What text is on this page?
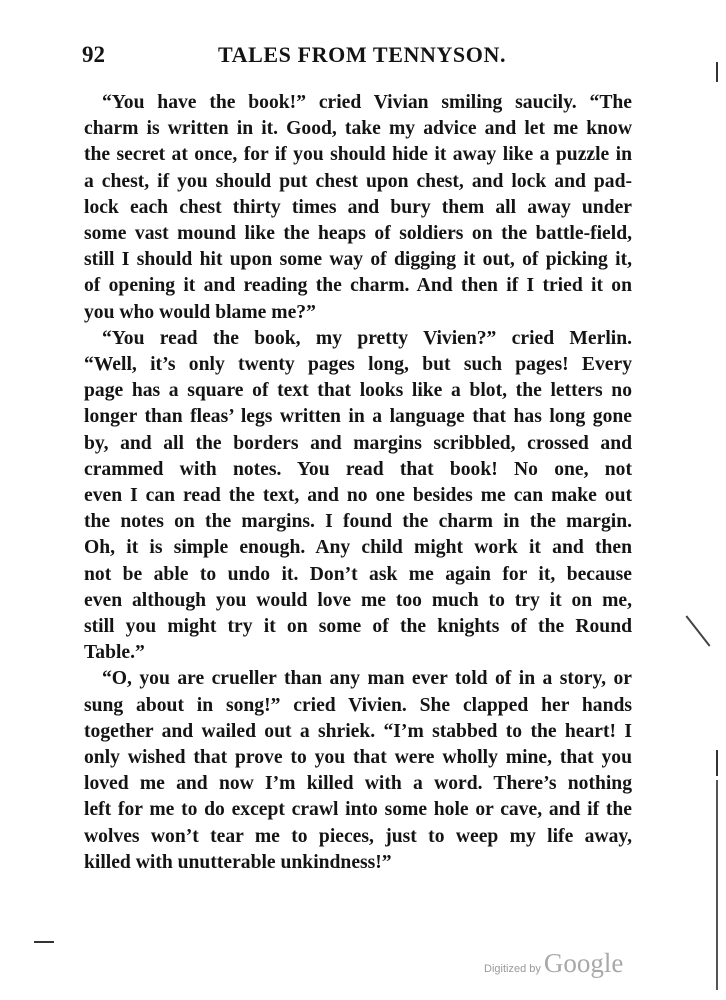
92	TALES FROM TENNYSON.
“You have the book!” cried Vivian smiling saucily. “The
charm is written in it. Good, take my advice and let me know
the secret at once, for if you should hide it away like a puzzle in
a chest, if you should put chest upon chest, and lock and pad-
lock each chest thirty times and bury them all away under
some vast mound like the heaps of soldiers on the battle-field,
still I should hit upon some way of digging it out, of picking it,
of opening it and reading the charm. And then if I tried it on
you who would blame me?”
“You read the book, my pretty Vivien?” cried Merlin.
“Well, it’s only twenty pages long, but such pages! Every
page has a square of text that looks like a blot, the letters no
longer than fleas’ legs written in a language that has long gone
by, and all the borders and margins scribbled, crossed and
crammed with notes. You read that book! No one, not
even I can read the text, and no one besides me can make out
the notes on the margins. I found the charm in the margin.
Oh, it is simple enough. Any child might work it and then
not be able to undo it. Don’t ask me again for it, because
even although you would love me too much to try it on me,
still you might try it on some of the knights of the Round
Table.”
“O, you are crueller than any man ever told of in a story, or
sung about in song!” cried Vivien. She clapped her hands
together and wailed out a shriek. “I’m stabbed to the heart! I
only wished that prove to you that were wholly mine, that you
loved me and now I’m killed with a word. There’s nothing
left for me to do except crawl into some hole or cave, and if the
wolves won’t tear me to pieces, just to weep my life away,
killed with unutterable unkindness!”
Digitized by Google
